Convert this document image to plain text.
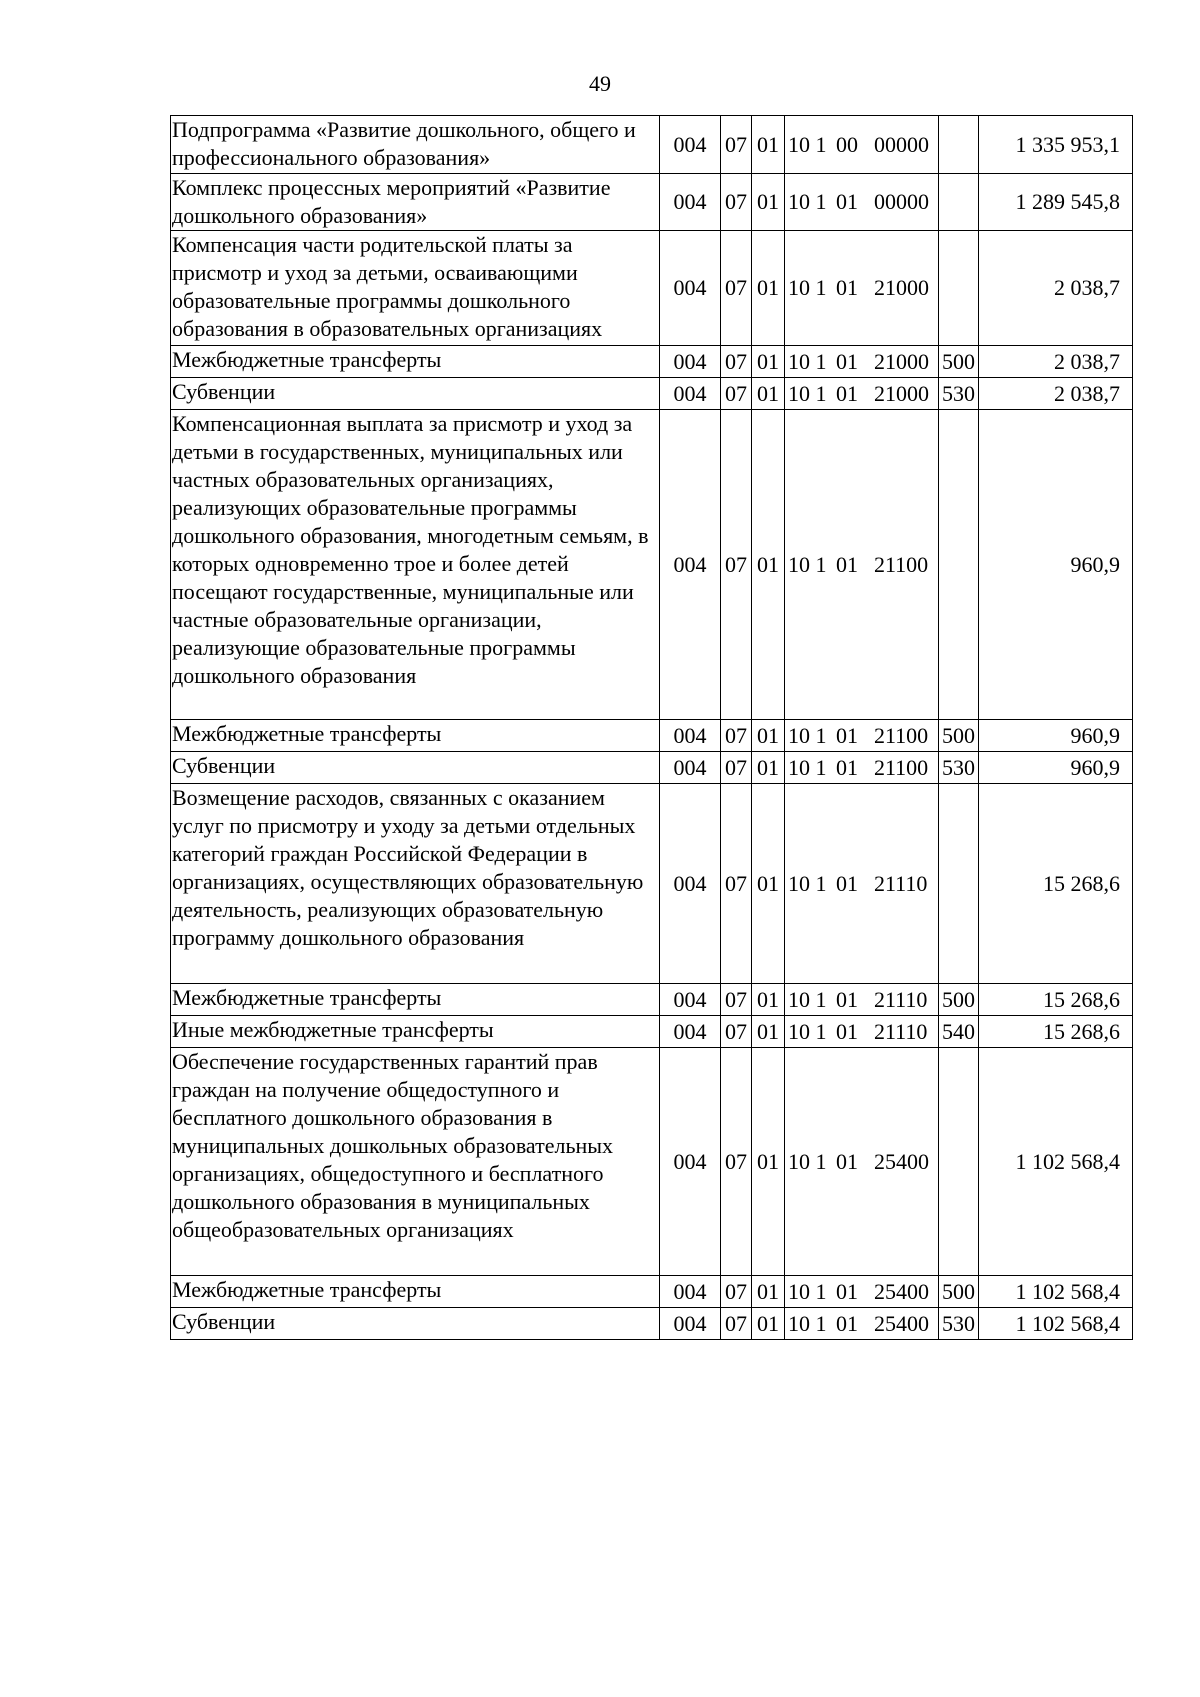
49
Подпрограмма «Развитие дошкольного, общего и профессионального образования»	004	07	01	10 1 00 00000		1 335 953,1
Комплекс процессных мероприятий «Развитие дошкольного образования»	004	07	01	10 1 01 00000		1 289 545,8
Компенсация части родительской платы за присмотр и уход за детьми, осваивающими образовательные программы дошкольного образования в образовательных организациях	004	07	01	10 1 01 21000		2 038,7
Межбюджетные трансферты	004	07	01	10 1 01 21000	500	2 038,7
Субвенции	004	07	01	10 1 01 21000	530	2 038,7
Компенсационная выплата за присмотр и уход за детьми в государственных, муниципальных или частных образовательных организациях, реализующих образовательные программы дошкольного образования, многодетным семьям, в которых одновременно трое и более детей посещают государственные, муниципальные или частные образовательные организации, реализующие образовательные программы дошкольного образования	004	07	01	10 1 01 21100		960,9
Межбюджетные трансферты	004	07	01	10 1 01 21100	500	960,9
Субвенции	004	07	01	10 1 01 21100	530	960,9
Возмещение расходов, связанных с оказанием услуг по присмотру и уходу за детьми отдельных категорий граждан Российской Федерации в организациях, осуществляющих образовательную деятельность, реализующих образовательную программу дошкольного образования	004	07	01	10 1 01 21110		15 268,6
Межбюджетные трансферты	004	07	01	10 1 01 21110	500	15 268,6
Иные межбюджетные трансферты	004	07	01	10 1 01 21110	540	15 268,6
Обеспечение государственных гарантий прав граждан на получение общедоступного и бесплатного дошкольного образования в муниципальных дошкольных образовательных организациях, общедоступного и бесплатного дошкольного образования в муниципальных общеобразовательных организациях	004	07	01	10 1 01 25400		1 102 568,4
Межбюджетные трансферты	004	07	01	10 1 01 25400	500	1 102 568,4
Субвенции	004	07	01	10 1 01 25400	530	1 102 568,4
